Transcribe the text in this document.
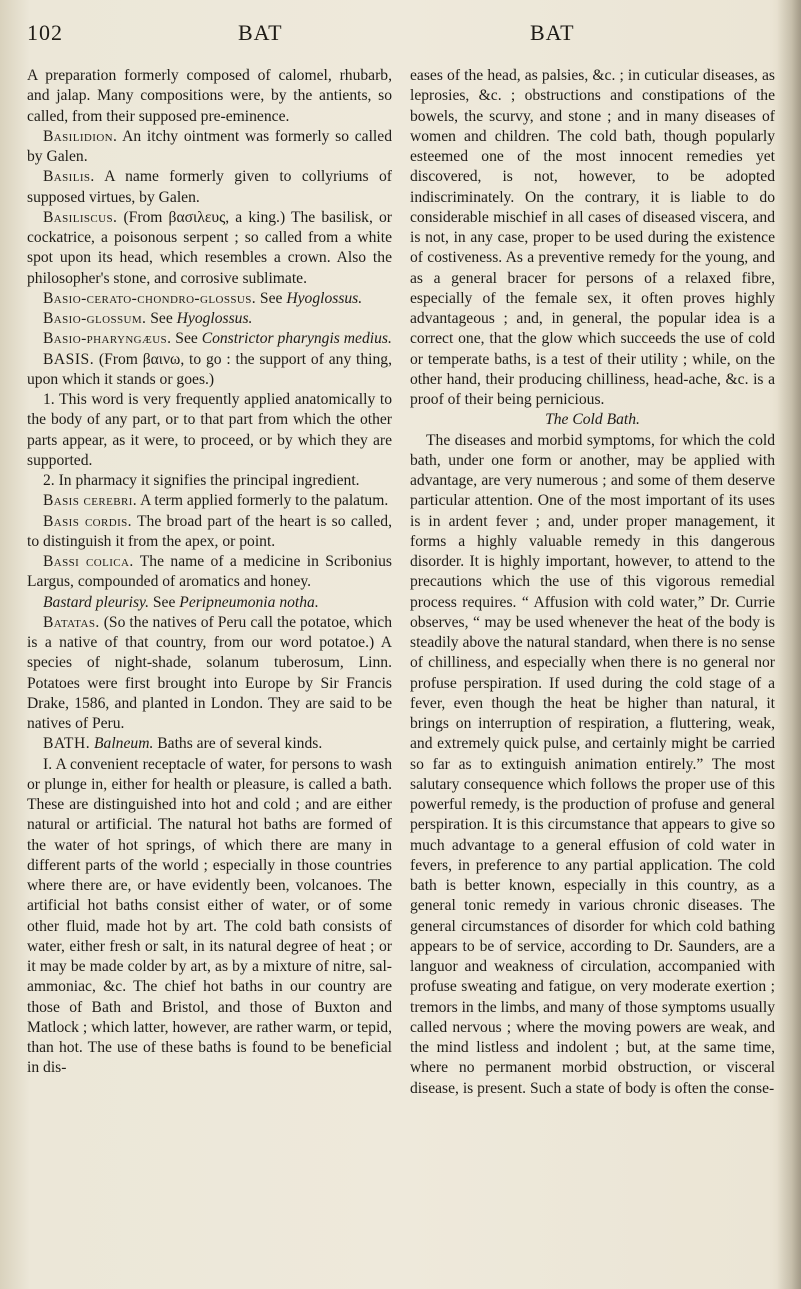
102	BAT	BAT

A preparation formerly composed of calomel, rhubarb, and jalap. Many compositions were, by the antients, so called, from their supposed pre-eminence.

Basilidion. An itchy ointment was formerly so called by Galen.

Basilis. A name formerly given to collyriums of supposed virtues, by Galen.

Basiliscus. (From βασιλευς, a king.) The basilisk, or cockatrice, a poisonous serpent ; so called from a white spot upon its head, which resembles a crown. Also the philosopher's stone, and corrosive sublimate.

Basio-cerato-chondro-glossus. See Hyoglossus.

Basio-glossum. See Hyoglossus.

Basio-pharyngæus. See Constrictor pharyngis medius.

BASIS. (From βαινω, to go : the support of any thing, upon which it stands or goes.)

1. This word is very frequently applied anatomically to the body of any part, or to that part from which the other parts appear, as it were, to proceed, or by which they are supported.

2. In pharmacy it signifies the principal ingredient.

Basis cerebri. A term applied formerly to the palatum.

Basis cordis. The broad part of the heart is so called, to distinguish it from the apex, or point.

Bassi colica. The name of a medicine in Scribonius Largus, compounded of aromatics and honey.

Bastard pleurisy. See Peripneumonia notha.

Batatas. (So the natives of Peru call the potatoe, which is a native of that country, from our word potatoe.) A species of night-shade, solanum tuberosum, Linn. Potatoes were first brought into Europe by Sir Francis Drake, 1586, and planted in London. They are said to be natives of Peru.

BATH. Balneum. Baths are of several kinds.

I. A convenient receptacle of water, for persons to wash or plunge in, either for health or pleasure, is called a bath. These are distinguished into hot and cold ; and are either natural or artificial. The natural hot baths are formed of the water of hot springs, of which there are many in different parts of the world ; especially in those countries where there are, or have evidently been, volcanoes. The artificial hot baths consist either of water, or of some other fluid, made hot by art. The cold bath consists of water, either fresh or salt, in its natural degree of heat ; or it may be made colder by art, as by a mixture of nitre, sal-ammoniac, &c. The chief hot baths in our country are those of Bath and Bristol, and those of Buxton and Matlock ; which latter, however, are rather warm, or tepid, than hot. The use of these baths is found to be beneficial in dis-

eases of the head, as palsies, &c. ; in cuticular diseases, as leprosies, &c. ; obstructions and constipations of the bowels, the scurvy, and stone ; and in many diseases of women and children. The cold bath, though popularly esteemed one of the most innocent remedies yet discovered, is not, however, to be adopted indiscriminately. On the contrary, it is liable to do considerable mischief in all cases of diseased viscera, and is not, in any case, proper to be used during the existence of costiveness. As a preventive remedy for the young, and as a general bracer for persons of a relaxed fibre, especially of the female sex, it often proves highly advantageous ; and, in general, the popular idea is a correct one, that the glow which succeeds the use of cold or temperate baths, is a test of their utility ; while, on the other hand, their producing chilliness, head-ache, &c. is a proof of their being pernicious.

The Cold Bath.

The diseases and morbid symptoms, for which the cold bath, under one form or another, may be applied with advantage, are very numerous ; and some of them deserve particular attention. One of the most important of its uses is in ardent fever ; and, under proper management, it forms a highly valuable remedy in this dangerous disorder. It is highly important, however, to attend to the precautions which the use of this vigorous remedial process requires. “ Affusion with cold water,” Dr. Currie observes, “ may be used whenever the heat of the body is steadily above the natural standard, when there is no sense of chilliness, and especially when there is no general nor profuse perspiration. If used during the cold stage of a fever, even though the heat be higher than natural, it brings on interruption of respiration, a fluttering, weak, and extremely quick pulse, and certainly might be carried so far as to extinguish animation entirely.” The most salutary consequence which follows the proper use of this powerful remedy, is the production of profuse and general perspiration. It is this circumstance that appears to give so much advantage to a general effusion of cold water in fevers, in preference to any partial application. The cold bath is better known, especially in this country, as a general tonic remedy in various chronic diseases. The general circumstances of disorder for which cold bathing appears to be of service, according to Dr. Saunders, are a languor and weakness of circulation, accompanied with profuse sweating and fatigue, on very moderate exertion ; tremors in the limbs, and many of those symptoms usually called nervous ; where the moving powers are weak, and the mind listless and indolent ; but, at the same time, where no permanent morbid obstruction, or visceral disease, is present. Such a state of body is often the conse-
